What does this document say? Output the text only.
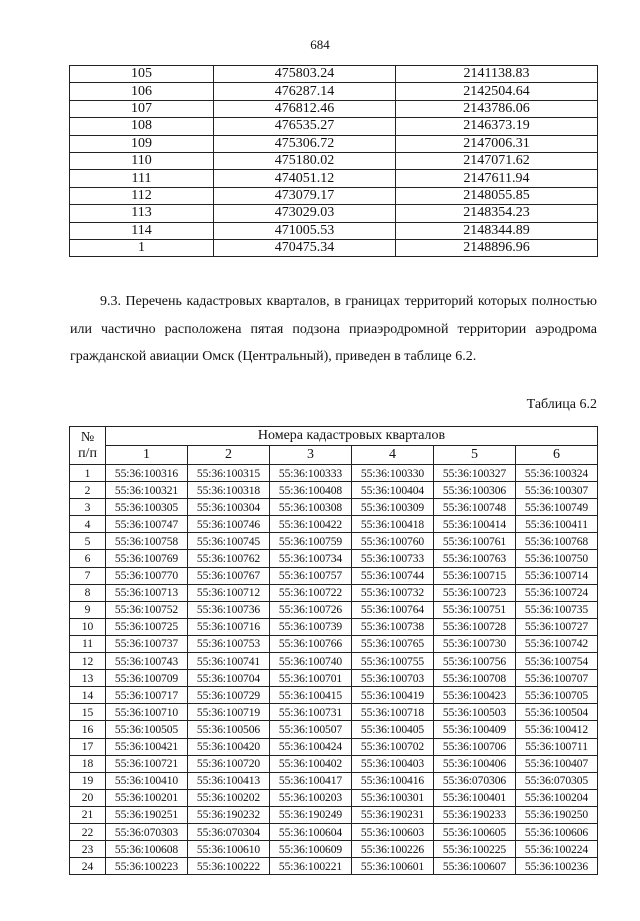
684
105	475803.24	2141138.83
106	476287.14	2142504.64
107	476812.46	2143786.06
108	476535.27	2146373.19
109	475306.72	2147006.31
110	475180.02	2147071.62
111	474051.12	2147611.94
112	473079.17	2148055.85
113	473029.03	2148354.23
114	471005.53	2148344.89
1	470475.34	2148896.96

9.3. Перечень кадастровых кварталов, в границах территорий которых полностью или частично расположена пятая подзона приаэродромной территории аэродрома гражданской авиации Омск (Центральный), приведен в таблице 6.2.

Таблица 6.2
№
п/п	Номера кадастровых кварталов					
	1	2	3	4	5	6
1	55:36:100316	55:36:100315	55:36:100333	55:36:100330	55:36:100327	55:36:100324
2	55:36:100321	55:36:100318	55:36:100408	55:36:100404	55:36:100306	55:36:100307
3	55:36:100305	55:36:100304	55:36:100308	55:36:100309	55:36:100748	55:36:100749
4	55:36:100747	55:36:100746	55:36:100422	55:36:100418	55:36:100414	55:36:100411
5	55:36:100758	55:36:100745	55:36:100759	55:36:100760	55:36:100761	55:36:100768
6	55:36:100769	55:36:100762	55:36:100734	55:36:100733	55:36:100763	55:36:100750
7	55:36:100770	55:36:100767	55:36:100757	55:36:100744	55:36:100715	55:36:100714
8	55:36:100713	55:36:100712	55:36:100722	55:36:100732	55:36:100723	55:36:100724
9	55:36:100752	55:36:100736	55:36:100726	55:36:100764	55:36:100751	55:36:100735
10	55:36:100725	55:36:100716	55:36:100739	55:36:100738	55:36:100728	55:36:100727
11	55:36:100737	55:36:100753	55:36:100766	55:36:100765	55:36:100730	55:36:100742
12	55:36:100743	55:36:100741	55:36:100740	55:36:100755	55:36:100756	55:36:100754
13	55:36:100709	55:36:100704	55:36:100701	55:36:100703	55:36:100708	55:36:100707
14	55:36:100717	55:36:100729	55:36:100415	55:36:100419	55:36:100423	55:36:100705
15	55:36:100710	55:36:100719	55:36:100731	55:36:100718	55:36:100503	55:36:100504
16	55:36:100505	55:36:100506	55:36:100507	55:36:100405	55:36:100409	55:36:100412
17	55:36:100421	55:36:100420	55:36:100424	55:36:100702	55:36:100706	55:36:100711
18	55:36:100721	55:36:100720	55:36:100402	55:36:100403	55:36:100406	55:36:100407
19	55:36:100410	55:36:100413	55:36:100417	55:36:100416	55:36:070306	55:36:070305
20	55:36:100201	55:36:100202	55:36:100203	55:36:100301	55:36:100401	55:36:100204
21	55:36:190251	55:36:190232	55:36:190249	55:36:190231	55:36:190233	55:36:190250
22	55:36:070303	55:36:070304	55:36:100604	55:36:100603	55:36:100605	55:36:100606
23	55:36:100608	55:36:100610	55:36:100609	55:36:100226	55:36:100225	55:36:100224
24	55:36:100223	55:36:100222	55:36:100221	55:36:100601	55:36:100607	55:36:100236
